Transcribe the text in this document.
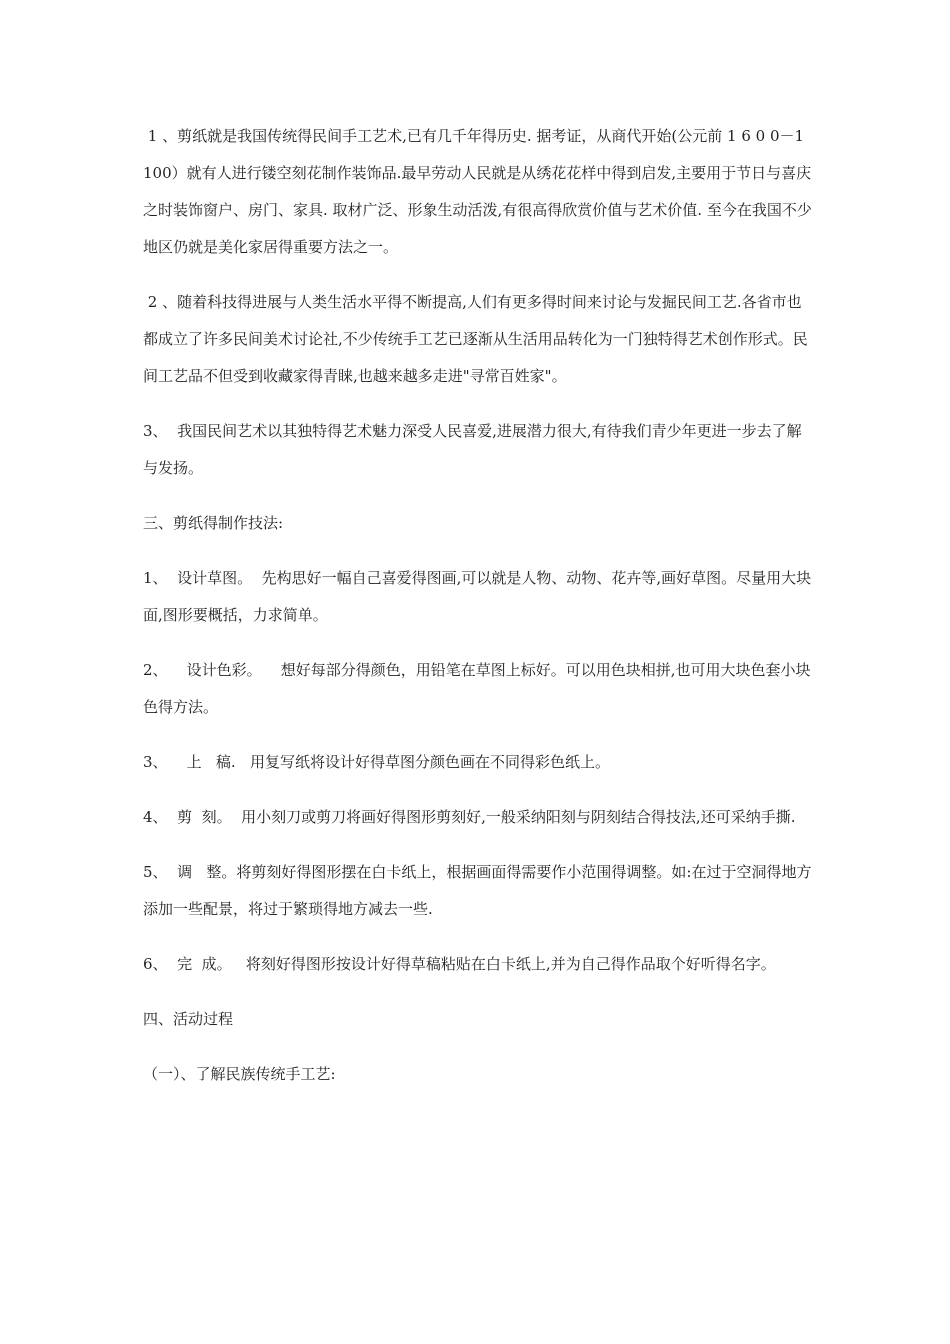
1 、剪纸就是我国传统得民间手工艺术,已有几千年得历史. 据考证，从商代开始(公元前 1 6 0 0－1 100）就有人进行镂空刻花制作装饰品.最早劳动人民就是从绣花花样中得到启发,主要用于节日与喜庆之时装饰窗户、房门、家具. 取材广泛、形象生动活泼,有很高得欣赏价值与艺术价值. 至今在我国不少地区仍就是美化家居得重要方法之一。

2 、随着科技得进展与人类生活水平得不断提高,人们有更多得时间来讨论与发掘民间工艺.各省市也都成立了许多民间美术讨论社,不少传统手工艺已逐渐从生活用品转化为一门独特得艺术创作形式。民间工艺品不但受到收藏家得青睐,也越来越多走进"寻常百姓家"。

3、  我国民间艺术以其独特得艺术魅力深受人民喜爱,进展潜力很大,有待我们青少年更进一步去了解与发扬。

三、剪纸得制作技法:

1、  设计草图。  先构思好一幅自己喜爱得图画,可以就是人物、动物、花卉等,画好草图。尽量用大块面,图形要概括，力求简单。

2、    设计色彩。    想好每部分得颜色，用铅笔在草图上标好。可以用色块相拼,也可用大块色套小块色得方法。

3、    上   稿.   用复写纸将设计好得草图分颜色画在不同得彩色纸上。

4、  剪  刻。  用小刻刀或剪刀将画好得图形剪刻好,一般采纳阳刻与阴刻结合得技法,还可采纳手撕.

5、  调   整。将剪刻好得图形摆在白卡纸上，根据画面得需要作小范围得调整。如:在过于空洞得地方添加一些配景，将过于繁琐得地方减去一些.

6、  完  成。   将刻好得图形按设计好得草稿粘贴在白卡纸上,并为自己得作品取个好听得名字。

四、活动过程

（一）、了解民族传统手工艺:
